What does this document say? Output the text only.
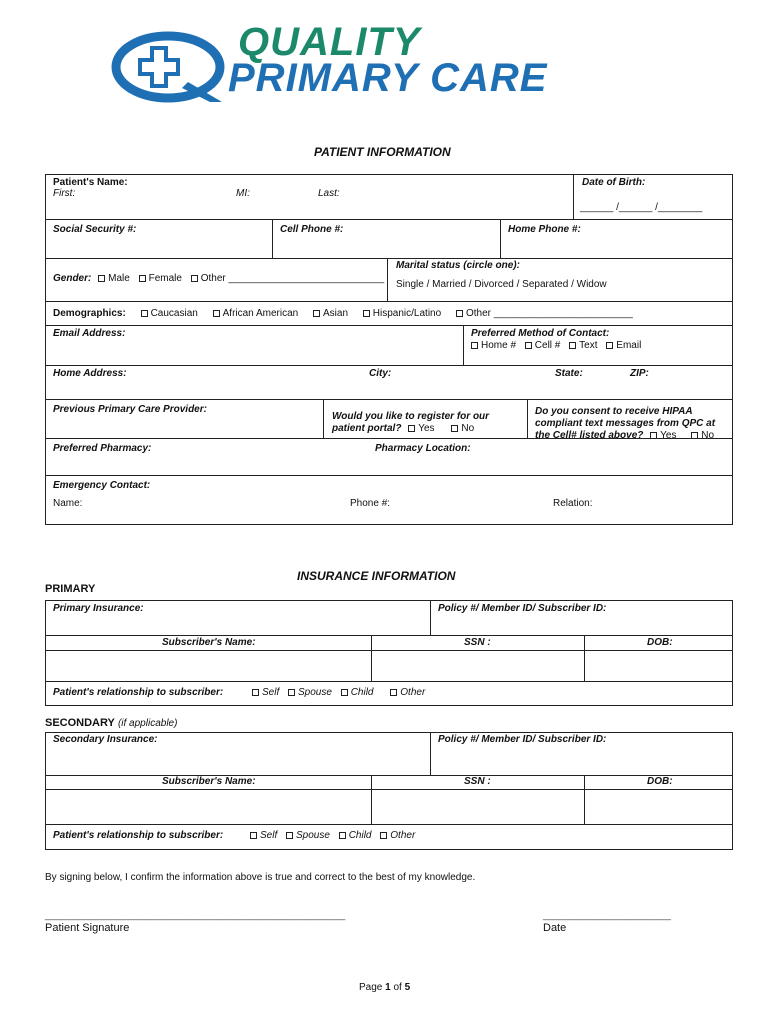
QUALITY
PRIMARY CARE
PATIENT INFORMATION
Patient's Name:
First:	MI:	Last:
Date of Birth:
______ /______ /________
Social Security #:	Cell Phone #:	Home Phone #:
Gender: Male Female Other ____________________________
Marital status (circle one):
Single / Married / Divorced / Separated / Widow
Demographics: Caucasian African American Asian Hispanic/Latino Other _________________________
Email Address:	Preferred Method of Contact:
Home # Cell # Text Email
Home Address:	City:	State:	ZIP:
Previous Primary Care Provider:
Would you like to register for our
patient portal? Yes	No
Do you consent to receive HIPAA
compliant text messages from QPC at
the Cell# listed above? Yes No
Preferred Pharmacy:	Pharmacy Location:
Emergency Contact:
Name:	Phone #:	Relation:
INSURANCE INFORMATION
PRIMARY
Primary Insurance:	Policy #/ Member ID/ Subscriber ID:
Subscriber's Name:	SSN :	DOB:
Patient's relationship to subscriber:	Self Spouse Child	Other
SECONDARY (if applicable)
Secondary Insurance:	Policy #/ Member ID/ Subscriber ID:
Subscriber's Name:	SSN :	DOB:
Patient's relationship to subscriber:	Self Spouse Child Other
By signing below, I confirm the information above is true and correct to the best of my knowledge.
______________________________________________________	_______________________
Patient Signature	Date
Page 1 of 5
